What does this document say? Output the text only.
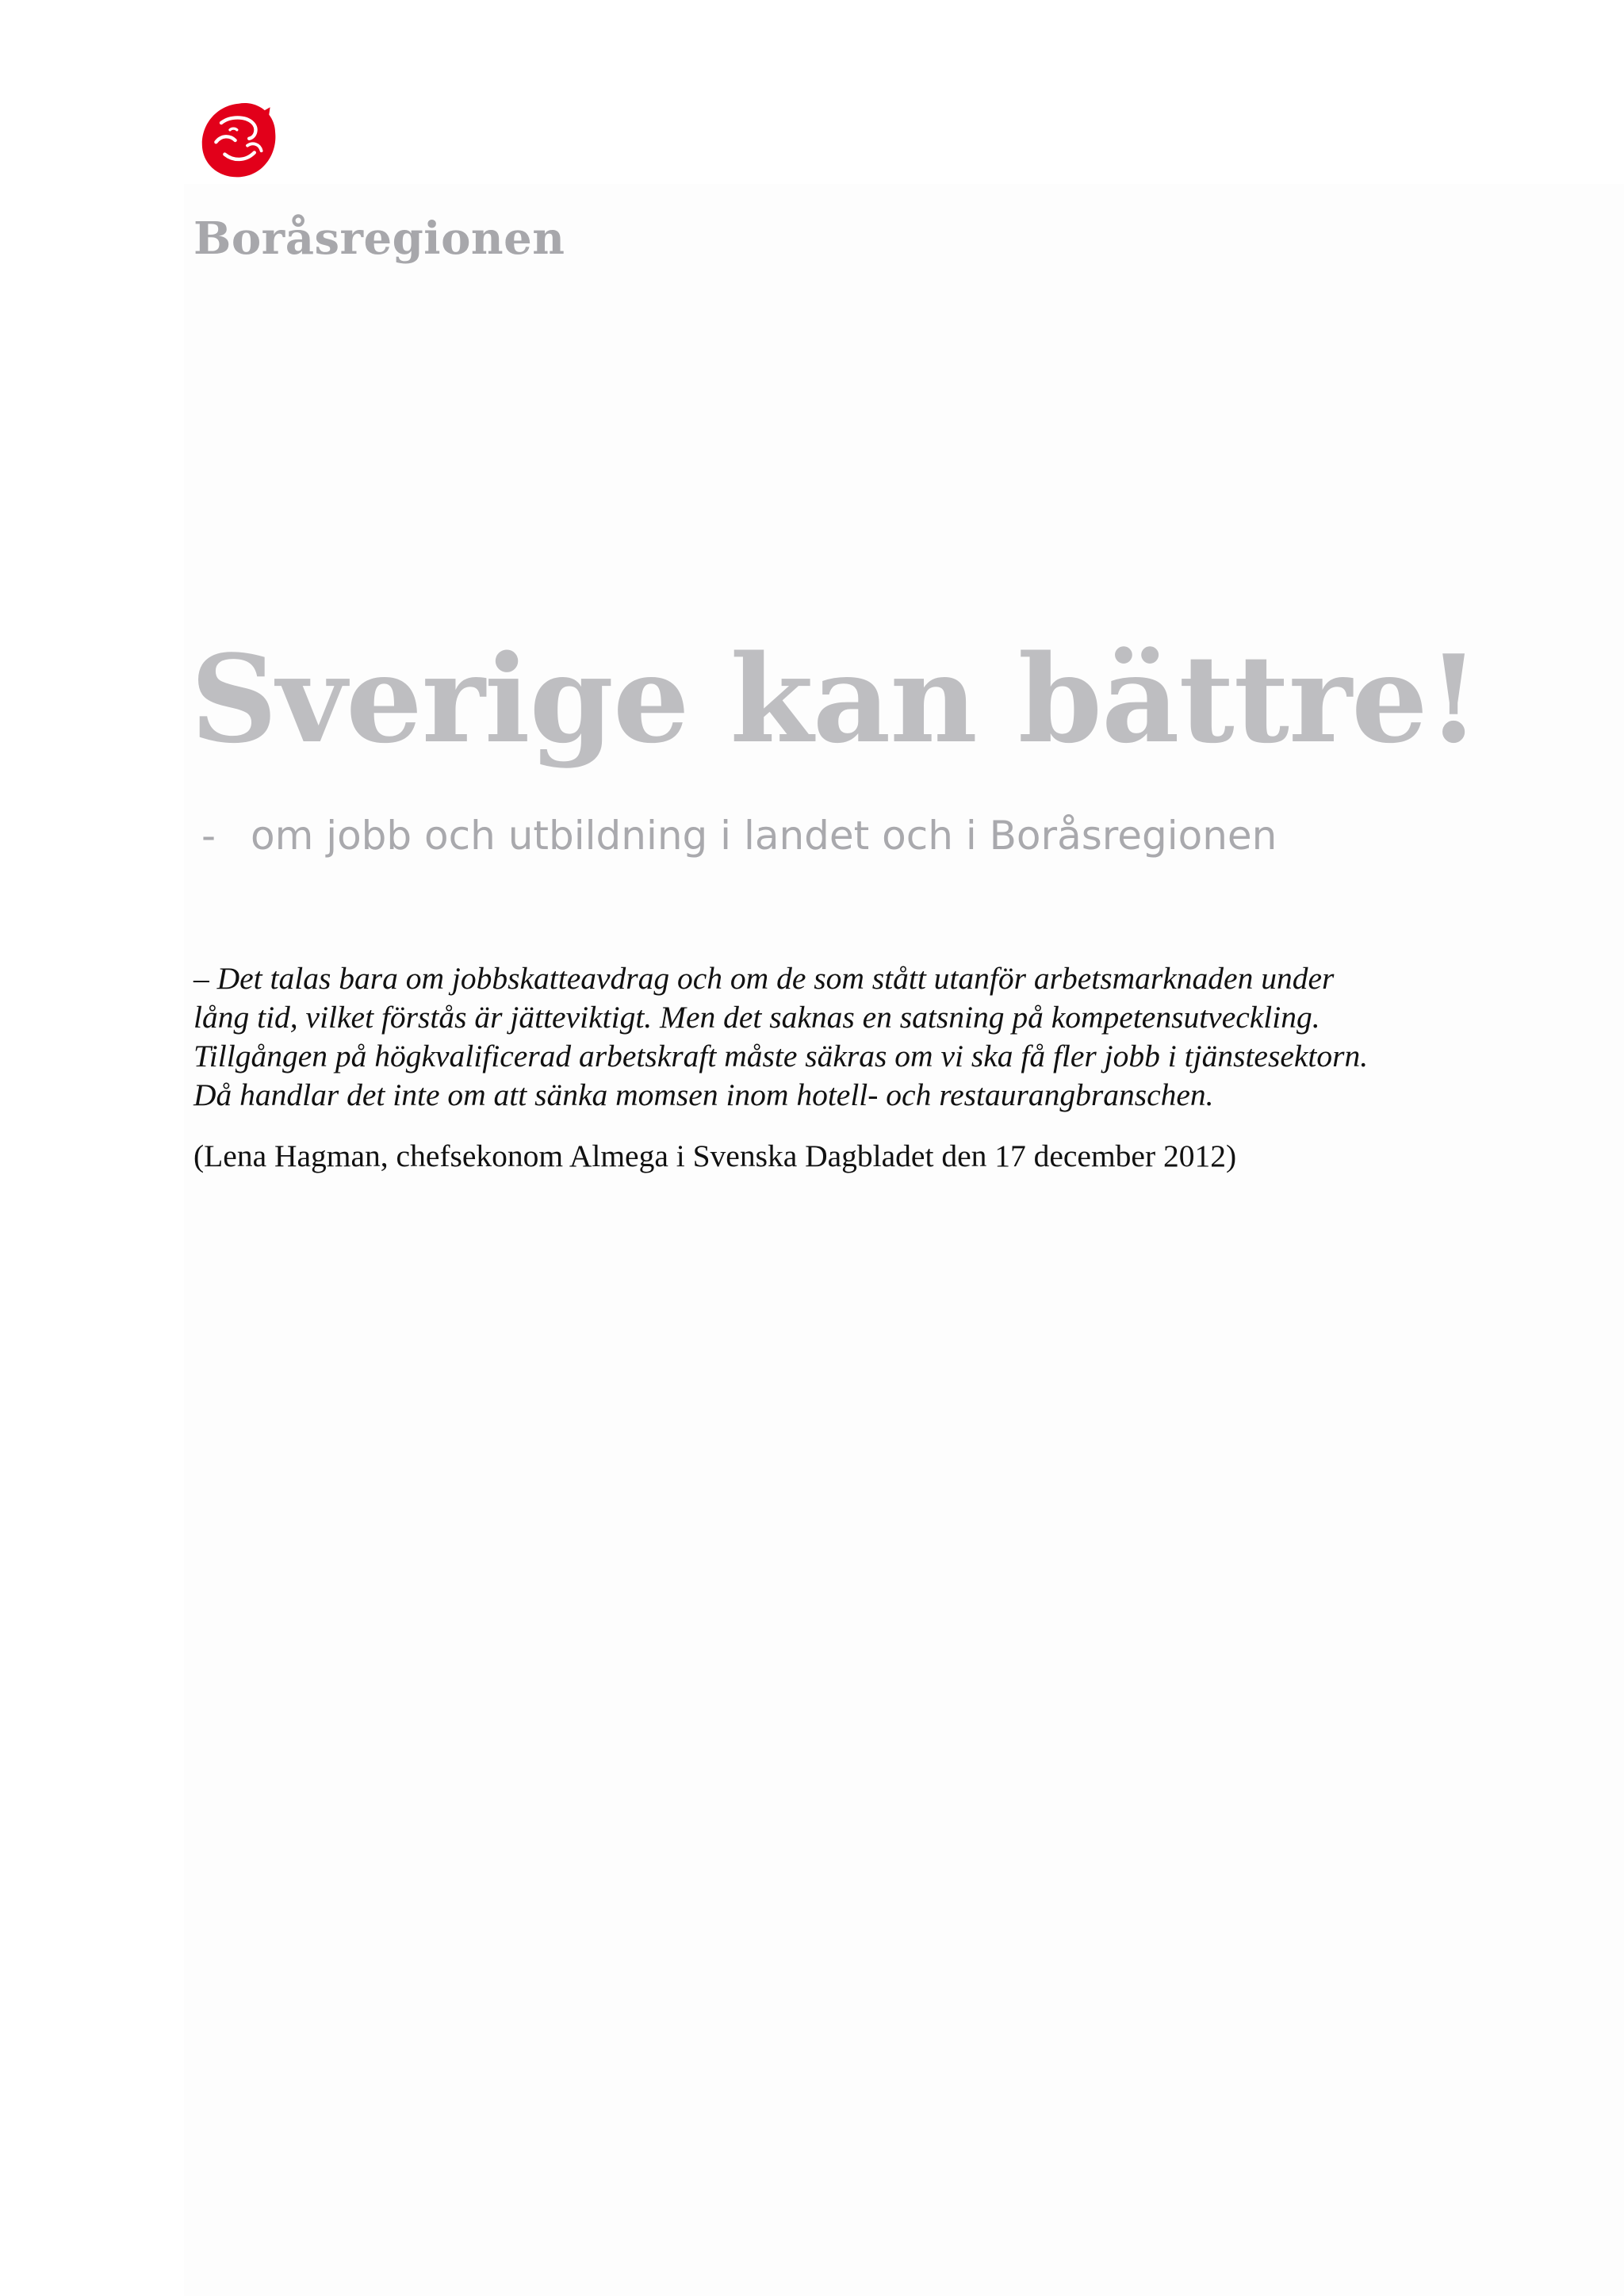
Boråsregionen
Sverige kan bättre!
- om jobb och utbildning i landet och i Boråsregionen

– Det talas bara om jobbskatteavdrag och om de som stått utanför arbetsmarknaden under
lång tid, vilket förstås är jätteviktigt. Men det saknas en satsning på kompetensutveckling.
Tillgången på högkvalificerad arbetskraft måste säkras om vi ska få fler jobb i tjänstesektorn.
Då handlar det inte om att sänka momsen inom hotell- och restaurangbranschen.

(Lena Hagman, chefsekonom Almega i Svenska Dagbladet den 17 december 2012)
